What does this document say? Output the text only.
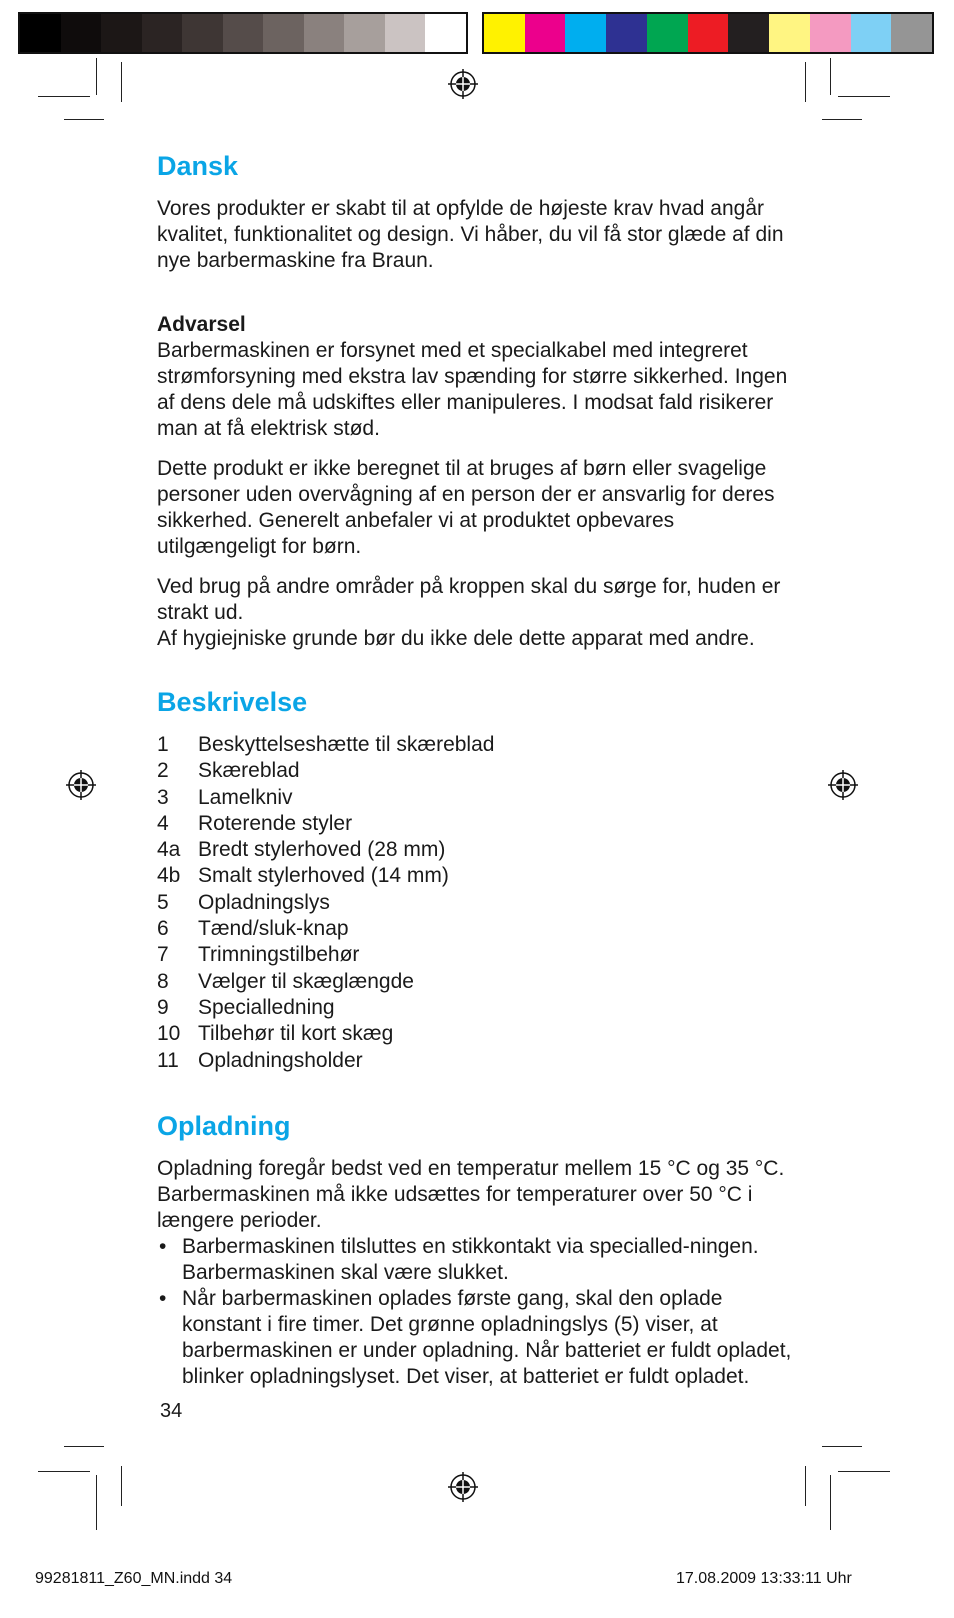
Dansk

Vores produkter er skabt til at opfylde de højeste krav hvad angår kvalitet, funktionalitet og design. Vi håber, du vil få stor glæde af din nye barbermaskine fra Braun.

Advarsel
Barbermaskinen er forsynet med et specialkabel med integreret strømforsyning med ekstra lav spænding for større sikkerhed. Ingen af dens dele må udskiftes eller manipuleres. I modsat fald risikerer man at få elektrisk stød.

Dette produkt er ikke beregnet til at bruges af børn eller svagelige personer uden overvågning af en person der er ansvarlig for deres sikkerhed. Generelt anbefaler vi at produktet opbevares utilgængeligt for børn.

Ved brug på andre områder på kroppen skal du sørge for, huden er strakt ud.

Af hygiejniske grunde bør du ikke dele dette apparat med andre.

Beskrivelse
1	Beskyttelseshætte til skæreblad
2	Skæreblad
3	Lamelkniv
4	Roterende styler
4a Bredt stylerhoved (28 mm)
4b Smalt stylerhoved (14 mm)
5	Opladningslys
6	Tænd/sluk-knap
7	Trimningstilbehør
8	Vælger til skæglængde
9	Specialledning
10 Tilbehør til kort skæg
11 Opladningsholder
Opladning

Opladning foregår bedst ved en temperatur mellem 15 °C og 35 °C. Barbermaskinen må ikke udsættes for temperaturer over 50 °C i længere perioder.

• Barbermaskinen tilsluttes en stikkontakt via specialled-ningen. Barbermaskinen skal være slukket.
• Når barbermaskinen oplades første gang, skal den oplade konstant i fire timer. Det grønne opladningslys (5) viser, at barbermaskinen er under opladning. Når batteriet er fuldt opladet, blinker opladningslyset. Det viser, at batteriet er fuldt opladet.
34
99281811_Z60_MN.indd 34	17.08.2009 13:33:11 Uhr
